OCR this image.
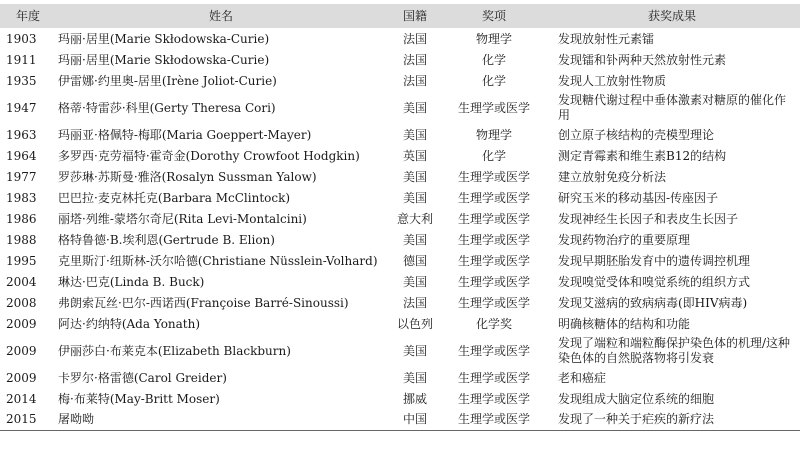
年度	姓名	国籍	奖项	获奖成果
1903	玛丽·居里(Marie Skłodowska-Curie)	法国	物理学	发现放射性元素镭
1911	玛丽·居里(Marie Skłodowska-Curie)	法国	化学	发现镭和钋两种天然放射性元素
1935	伊雷娜·约里奥-居里(Irène Joliot-Curie)	法国	化学	发现人工放射性物质
1947	格蒂·特雷莎·科里(Gerty Theresa Cori)	美国	生理学或医学	发现糖代谢过程中垂体激素对糖原的催化作用
1963	玛丽亚·格佩特-梅耶(Maria Goeppert-Mayer)	美国	物理学	创立原子核结构的壳模型理论
1964	多罗西·克劳福特·霍奇金(Dorothy Crowfoot Hodgkin)	英国	化学	测定青霉素和维生素B12的结构
1977	罗莎琳·苏斯曼·雅洛(Rosalyn Sussman Yalow)	美国	生理学或医学	建立放射免疫分析法
1983	巴巴拉·麦克林托克(Barbara McClintock)	美国	生理学或医学	研究玉米的移动基因-传座因子
1986	丽塔·列维-蒙塔尔奇尼(Rita Levi-Montalcini)	意大利	生理学或医学	发现神经生长因子和表皮生长因子
1988	格特鲁德·B.埃利恩(Gertrude B. Elion)	美国	生理学或医学	发现药物治疗的重要原理
1995	克里斯汀·纽斯林-沃尔哈德(Christiane Nüsslein-Volhard)	德国	生理学或医学	发现早期胚胎发育中的遗传调控机理
2004	琳达·巴克(Linda B. Buck)	美国	生理学或医学	发现嗅觉受体和嗅觉系统的组织方式
2008	弗朗索瓦丝·巴尔-西诺西(Françoise Barré-Sinoussi)	法国	生理学或医学	发现艾滋病的致病病毒(即HIV病毒)
2009	阿达·约纳特(Ada Yonath)	以色列	化学奖	明确核糖体的结构和功能
2009	伊丽莎白·布莱克本(Elizabeth Blackburn)	美国	生理学或医学	发现了端粒和端粒酶保护染色体的机理/这种染色体的自然脱落物将引发衰
2009	卡罗尔·格雷德(Carol Greider)	美国	生理学或医学	老和癌症
2014	梅·布莱特(May-Britt Moser)	挪威	生理学或医学	发现组成大脑定位系统的细胞
2015	屠呦呦	中国	生理学或医学	发现了一种关于疟疾的新疗法
